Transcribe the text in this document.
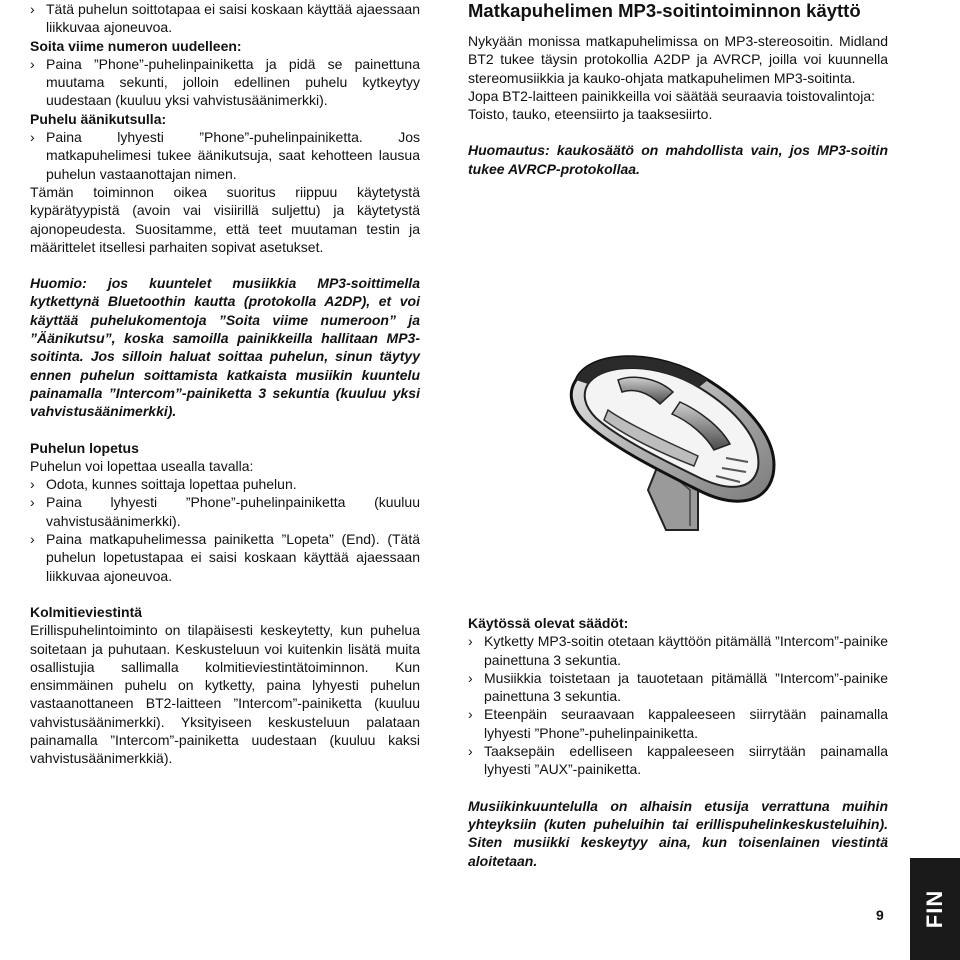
› Tätä puhelun soittotapaa ei saisi koskaan käyttää ajaessaan liikkuvaa ajoneuvoa.

Soita viime numeron uudelleen:

› Paina ”Phone”-puhelinpainiketta ja pidä se painettuna muutama sekunti, jolloin edellinen puhelu kytkeytyy uudestaan (kuuluu yksi vahvistusäänimerkki).

Puhelu äänikutsulla:

› Paina lyhyesti ”Phone”-puhelinpainiketta. Jos matkapuhelimesi tukee äänikutsuja, saat kehotteen lausua puhelun vastaanottajan nimen.

Tämän toiminnon oikea suoritus riippuu käytetystä kypärätyypistä (avoin vai visiirillä suljettu) ja käytetystä ajonopeudesta. Suositamme, että teet muutaman testin ja määrittelet itsellesi parhaiten sopivat asetukset.

Huomio: jos kuuntelet musiikkia MP3-soittimella kytkettynä Bluetoothin kautta (protokolla A2DP), et voi käyttää puhelukomentoja ”Soita viime numeroon” ja ”Äänikutsu”, koska samoilla painikkeilla hallitaan MP3-soitinta. Jos silloin haluat soittaa puhelun, sinun täytyy ennen puhelun soittamista katkaista musiikin kuuntelu painamalla ”Intercom”-painiketta 3 sekuntia (kuuluu yksi vahvistusäänimerkki).

Puhelun lopetus

Puhelun voi lopettaa usealla tavalla:

› Odota, kunnes soittaja lopettaa puhelun.
› Paina lyhyesti ”Phone”-puhelinpainiketta (kuuluu vahvistusäänimerkki).
› Paina matkapuhelimessa painiketta ”Lopeta” (End). (Tätä puhelun lopetustapaa ei saisi koskaan käyttää ajaessaan liikkuvaa ajoneuvoa.

Kolmitieviestintä

Erillispuhelintoiminto on tilapäisesti keskeytetty, kun puhelua soitetaan ja puhutaan. Keskusteluun voi kuitenkin lisätä muita osallistujia sallimalla kolmitieviestintätoiminnon. Kun ensimmäinen puhelu on kytketty, paina lyhyesti puhelun vastaanottaneen BT2-laitteen ”Intercom”-painiketta (kuuluu vahvistusäänimerkki). Yksityiseen keskusteluun palataan painamalla ”Intercom”-painiketta uudestaan (kuuluu kaksi vahvistusäänimerkkiä).

Matkapuhelimen MP3-soitintoiminnon käyttö

Nykyään monissa matkapuhelimissa on MP3-stereosoitin. Midland BT2 tukee täysin protokollia A2DP ja AVRCP, joilla voi kuunnella stereomusiikkia ja kauko-ohjata matkapuhelimen MP3-soitinta.

Jopa BT2-laitteen painikkeilla voi säätää seuraavia toistovalintoja:

Toisto, tauko, eteensiirto ja taaksesiirto.

Huomautus: kaukosäätö on mahdollista vain, jos MP3-soitin tukee AVRCP-protokollaa.

Käytössä olevat säädöt:

› Kytketty MP3-soitin otetaan käyttöön pitämällä ”Intercom”-painike painettuna 3 sekuntia.
› Musiikkia toistetaan ja tauotetaan pitämällä ”Intercom”-painike painettuna 3 sekuntia.
› Eteenpäin seuraavaan kappaleeseen siirrytään painamalla lyhyesti ”Phone”-puhelinpainiketta.
› Taaksepäin edelliseen kappaleeseen siirrytään painamalla lyhyesti ”AUX”-painiketta.

Musiikinkuuntelulla on alhaisin etusija verrattuna muihin yhteyksiin (kuten puheluihin tai erillispuhelinkeskusteluihin). Siten musiikki keskeytyy aina, kun toisenlainen viestintä aloitetaan.

9 FIN
